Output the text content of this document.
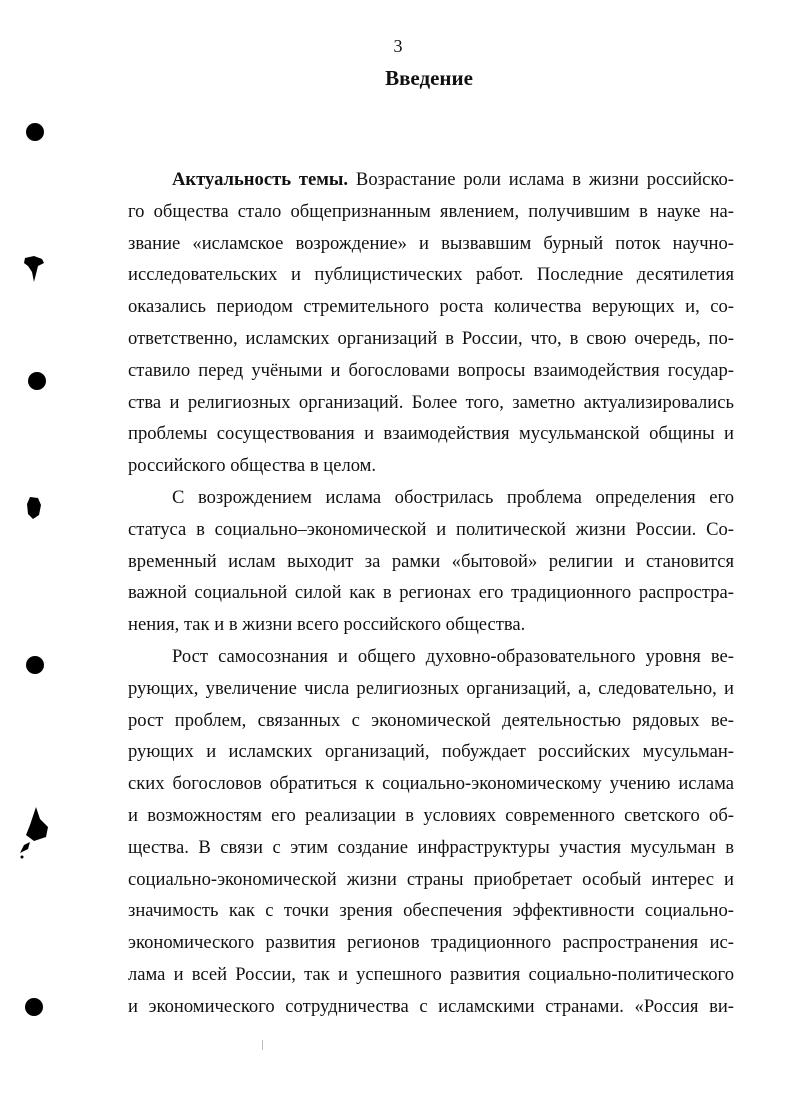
3
Введение
Актуальность темы. Возрастание роли ислама в жизни российско-
го общества стало общепризнанным явлением, получившим в науке на-
звание «исламское возрождение» и вызвавшим бурный поток научно-
исследовательских и публицистических работ. Последние десятилетия
оказались периодом стремительного роста количества верующих и, со-
ответственно, исламских организаций в России, что, в свою очередь, по-
ставило перед учёными и богословами вопросы взаимодействия государ-
ства и религиозных организаций. Более того, заметно актуализировались
проблемы сосуществования и взаимодействия мусульманской общины и
российского общества в целом.
С возрождением ислама обострилась проблема определения его
статуса в социально–экономической и политической жизни России. Со-
временный ислам выходит за рамки «бытовой» религии и становится
важной социальной силой как в регионах его традиционного распростра-
нения, так и в жизни всего российского общества.
Рост самосознания и общего духовно-образовательного уровня ве-
рующих, увеличение числа религиозных организаций, а, следовательно, и
рост проблем, связанных с экономической деятельностью рядовых ве-
рующих и исламских организаций, побуждает российских мусульман-
ских богословов обратиться к социально-экономическому учению ислама
и возможностям его реализации в условиях современного светского об-
щества. В связи с этим создание инфраструктуры участия мусульман в
социально-экономической жизни страны приобретает особый интерес и
значимость как с точки зрения обеспечения эффективности социально-
экономического развития регионов традиционного распространения ис-
лама и всей России, так и успешного развития социально-политического
и экономического сотрудничества с исламскими странами. «Россия ви-
